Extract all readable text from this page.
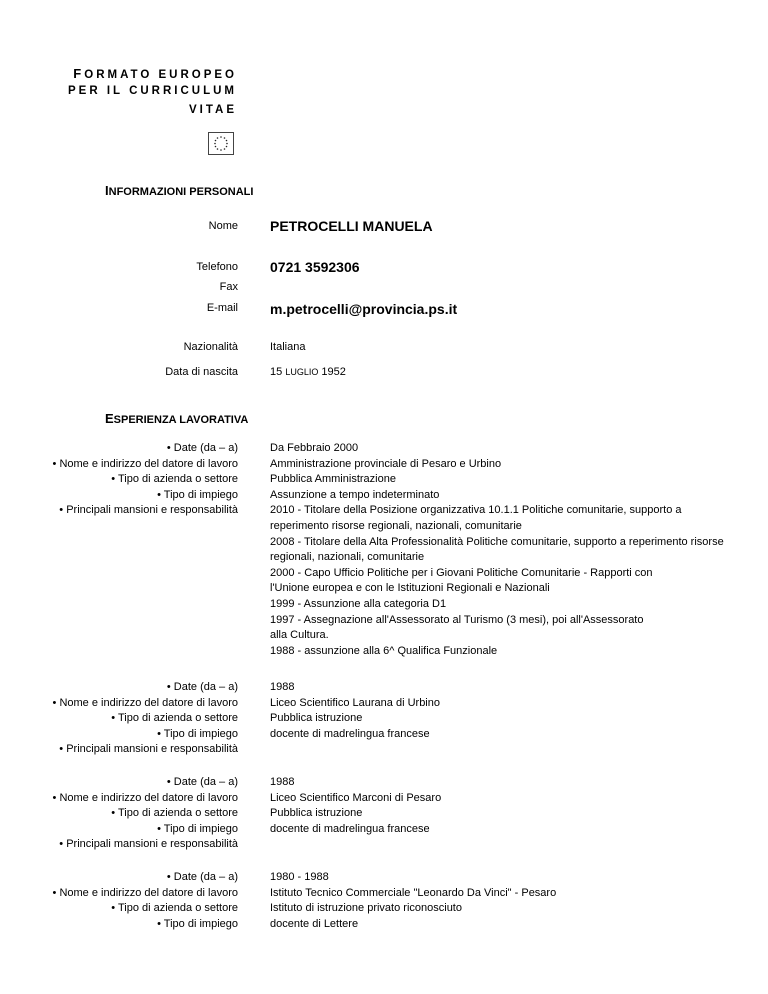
FORMATO EUROPEO
PER IL CURRICULUM
VITAE
INFORMAZIONI PERSONALI
Nome PETROCELLI MANUELA
Telefono 0721 3592306
Fax
E-mail m.petrocelli@provincia.ps.it
Nazionalità	Italiana
Data di nascita	15 LUGLIO 1952
ESPERIENZA LAVORATIVA
• Date (da – a)
• Nome e indirizzo del datore di lavoro
• Tipo di azienda o settore
• Tipo di impiego
• Principali mansioni e responsabilità
Da Febbraio 2000
Amministrazione provinciale di Pesaro e Urbino
Pubblica Amministrazione
Assunzione a tempo indeterminato
2010 - Titolare della Posizione organizzativa 10.1.1 Politiche comunitarie, supporto a
reperimento risorse regionali, nazionali, comunitarie
2008 - Titolare della Alta Professionalità Politiche comunitarie, supporto a reperimento risorse
regionali, nazionali, comunitarie
2000 - Capo Ufficio Politiche per i Giovani Politiche Comunitarie - Rapporti con
l'Unione europea e con le Istituzioni Regionali e Nazionali
1999 - Assunzione alla categoria D1
1997 - Assegnazione all'Assessorato al Turismo (3 mesi), poi all'Assessorato
alla Cultura.
1988 - assunzione alla 6^ Qualifica Funzionale
• Date (da – a)
• Nome e indirizzo del datore di lavoro
• Tipo di azienda o settore
• Tipo di impiego
• Principali mansioni e responsabilità
1988
Liceo Scientifico Laurana di Urbino
Pubblica istruzione
docente di madrelingua francese
• Date (da – a)
• Nome e indirizzo del datore di lavoro
• Tipo di azienda o settore
• Tipo di impiego
• Principali mansioni e responsabilità
1988
Liceo Scientifico Marconi di Pesaro
Pubblica istruzione
docente di madrelingua francese
• Date (da – a)
• Nome e indirizzo del datore di lavoro
• Tipo di azienda o settore
• Tipo di impiego
1980 - 1988
Istituto Tecnico Commerciale "Leonardo Da Vinci" - Pesaro
Istituto di istruzione privato riconosciuto
docente di Lettere
